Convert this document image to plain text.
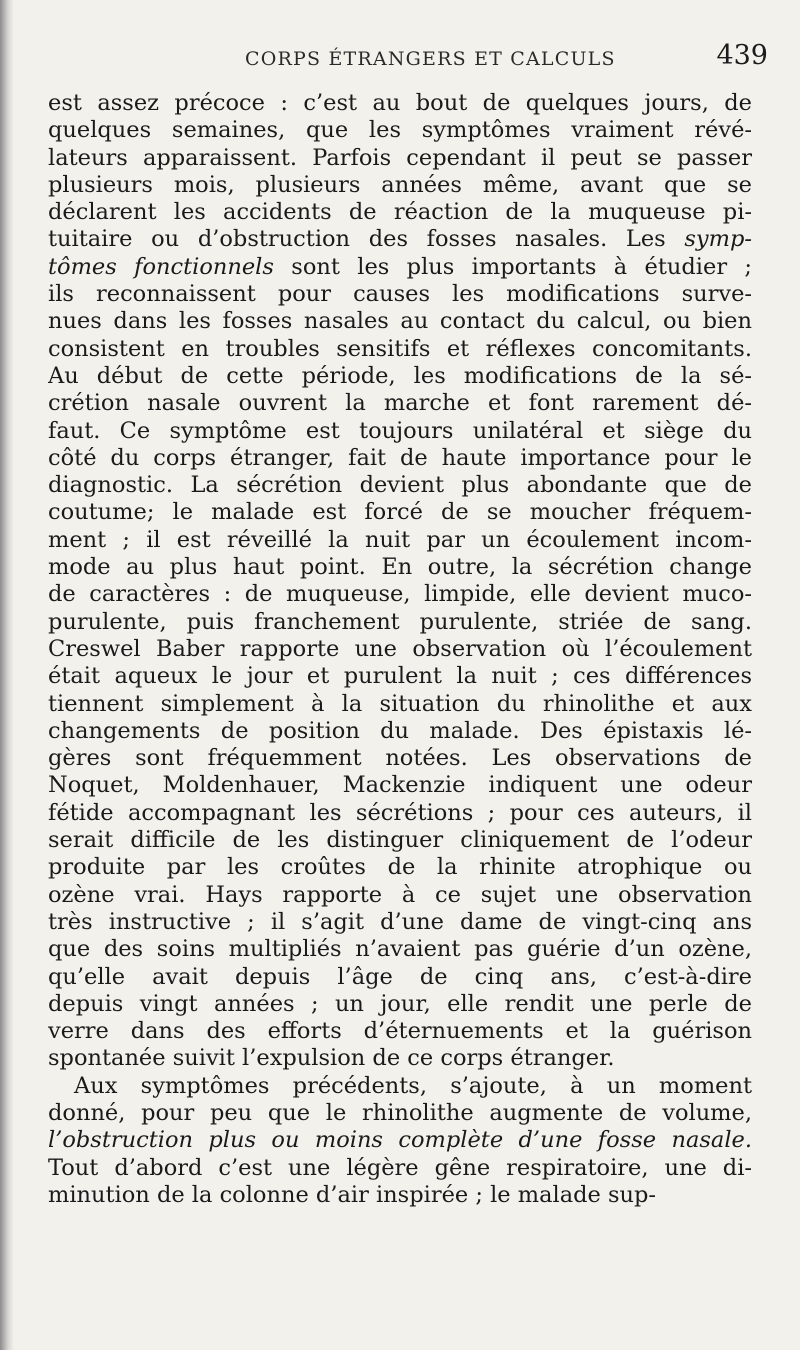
CORPS ÉTRANGERS ET CALCULS	439
est assez précoce : c’est au bout de quelques jours, de
quelques semaines, que les symptômes vraiment révé-
lateurs apparaissent. Parfois cependant il peut se passer
plusieurs mois, plusieurs années même, avant que se
déclarent les accidents de réaction de la muqueuse pi-
tuitaire ou d’obstruction des fosses nasales. Les symp-
tômes fonctionnels sont les plus importants à étudier ;
ils reconnaissent pour causes les modifications surve-
nues dans les fosses nasales au contact du calcul, ou bien
consistent en troubles sensitifs et réflexes concomitants.
Au début de cette période, les modifications de la sé-
crétion nasale ouvrent la marche et font rarement dé-
faut. Ce symptôme est toujours unilatéral et siège du
côté du corps étranger, fait de haute importance pour le
diagnostic. La sécrétion devient plus abondante que de
coutume; le malade est forcé de se moucher fréquem-
ment ; il est réveillé la nuit par un écoulement incom-
mode au plus haut point. En outre, la sécrétion change
de caractères : de muqueuse, limpide, elle devient muco-
purulente, puis franchement purulente, striée de sang.
Creswel Baber rapporte une observation où l’écoulement
était aqueux le jour et purulent la nuit ; ces différences
tiennent simplement à la situation du rhinolithe et aux
changements de position du malade. Des épistaxis lé-
gères sont fréquemment notées. Les observations de
Noquet, Moldenhauer, Mackenzie indiquent une odeur
fétide accompagnant les sécrétions ; pour ces auteurs, il
serait difficile de les distinguer cliniquement de l’odeur
produite par les croûtes de la rhinite atrophique ou
ozène vrai. Hays rapporte à ce sujet une observation
très instructive ; il s’agit d’une dame de vingt-cinq ans
que des soins multipliés n’avaient pas guérie d’un ozène,
qu’elle avait depuis l’âge de cinq ans, c’est-à-dire
depuis vingt années ; un jour, elle rendit une perle de
verre dans des efforts d’éternuements et la guérison
spontanée suivit l’expulsion de ce corps étranger.
Aux symptômes précédents, s’ajoute, à un moment
donné, pour peu que le rhinolithe augmente de volume,
l’obstruction plus ou moins complète d’une fosse nasale.
Tout d’abord c’est une légère gêne respiratoire, une di-
minution de la colonne d’air inspirée ; le malade sup-
